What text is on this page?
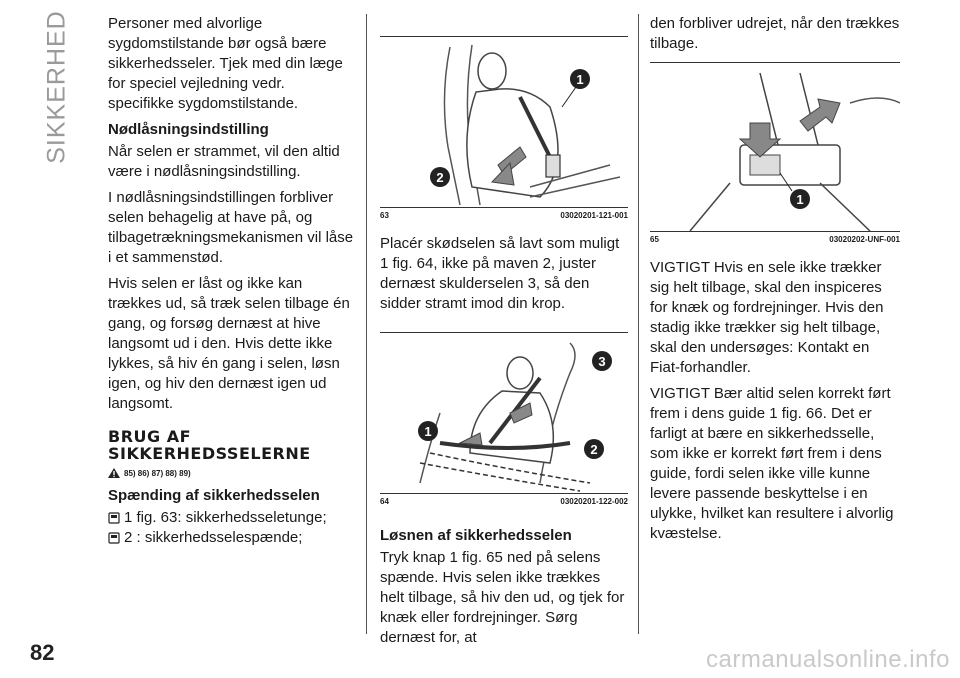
SIKKERHED	Personer med alvorlige sygdomstilstande bør også bære sikkerhedsseler. Tjek med din læge for speciel vejledning vedr. specifikke sygdomstilstande.

Nødlåsningsindstilling

Når selen er strammet, vil den altid være i nødlåsningsindstilling.

I nødlåsningsindstillingen forbliver selen behagelig at have på, og tilbagetrækningsmekanismen vil låse i et sammenstød.

Hvis selen er låst og ikke kan trækkes ud, så træk selen tilbage én gang, og forsøg dernæst at hive langsomt ud i den. Hvis dette ikke lykkes, så hiv én gang i selen, løsn igen, og hiv den dernæst igen ud langsomt.

BRUG AF SIKKERHEDSSELERNE
85) 86) 87) 88) 89)
Spænding af sikkerhedsselen
1 fig. 63: sikkerhedsseletunge;
2 : sikkerhedsselespænde;
1
2
63	03020201-121-001

Placér skødselen så lavt som muligt 1 fig. 64, ikke på maven 2, juster dernæst skulderselen 3, så den sidder stramt imod din krop.

3
1
2
64	03020201-122-002
Løsnen af sikkerhedsselen

Tryk knap 1 fig. 65 ned på selens spænde. Hvis selen ikke trækkes helt tilbage, så hiv den ud, og tjek for knæk eller fordrejninger. Sørg dernæst for, at

den forbliver udrejet, når den trækkes tilbage.

1
65	03020202-UNF-001

VIGTIGT Hvis en sele ikke trækker sig helt tilbage, skal den inspiceres for knæk og fordrejninger. Hvis den stadig ikke trækker sig helt tilbage, skal den undersøges: Kontakt en Fiat-forhandler.

VIGTIGT Bær altid selen korrekt ført frem i dens guide 1 fig. 66. Det er farligt at bære en sikkerhedsselle, som ikke er korrekt ført frem i dens guide, fordi selen ikke ville kunne levere passende beskyttelse i en ulykke, hvilket kan resultere i alvorlig kvæstelse.

82	carmanualsonline.info
